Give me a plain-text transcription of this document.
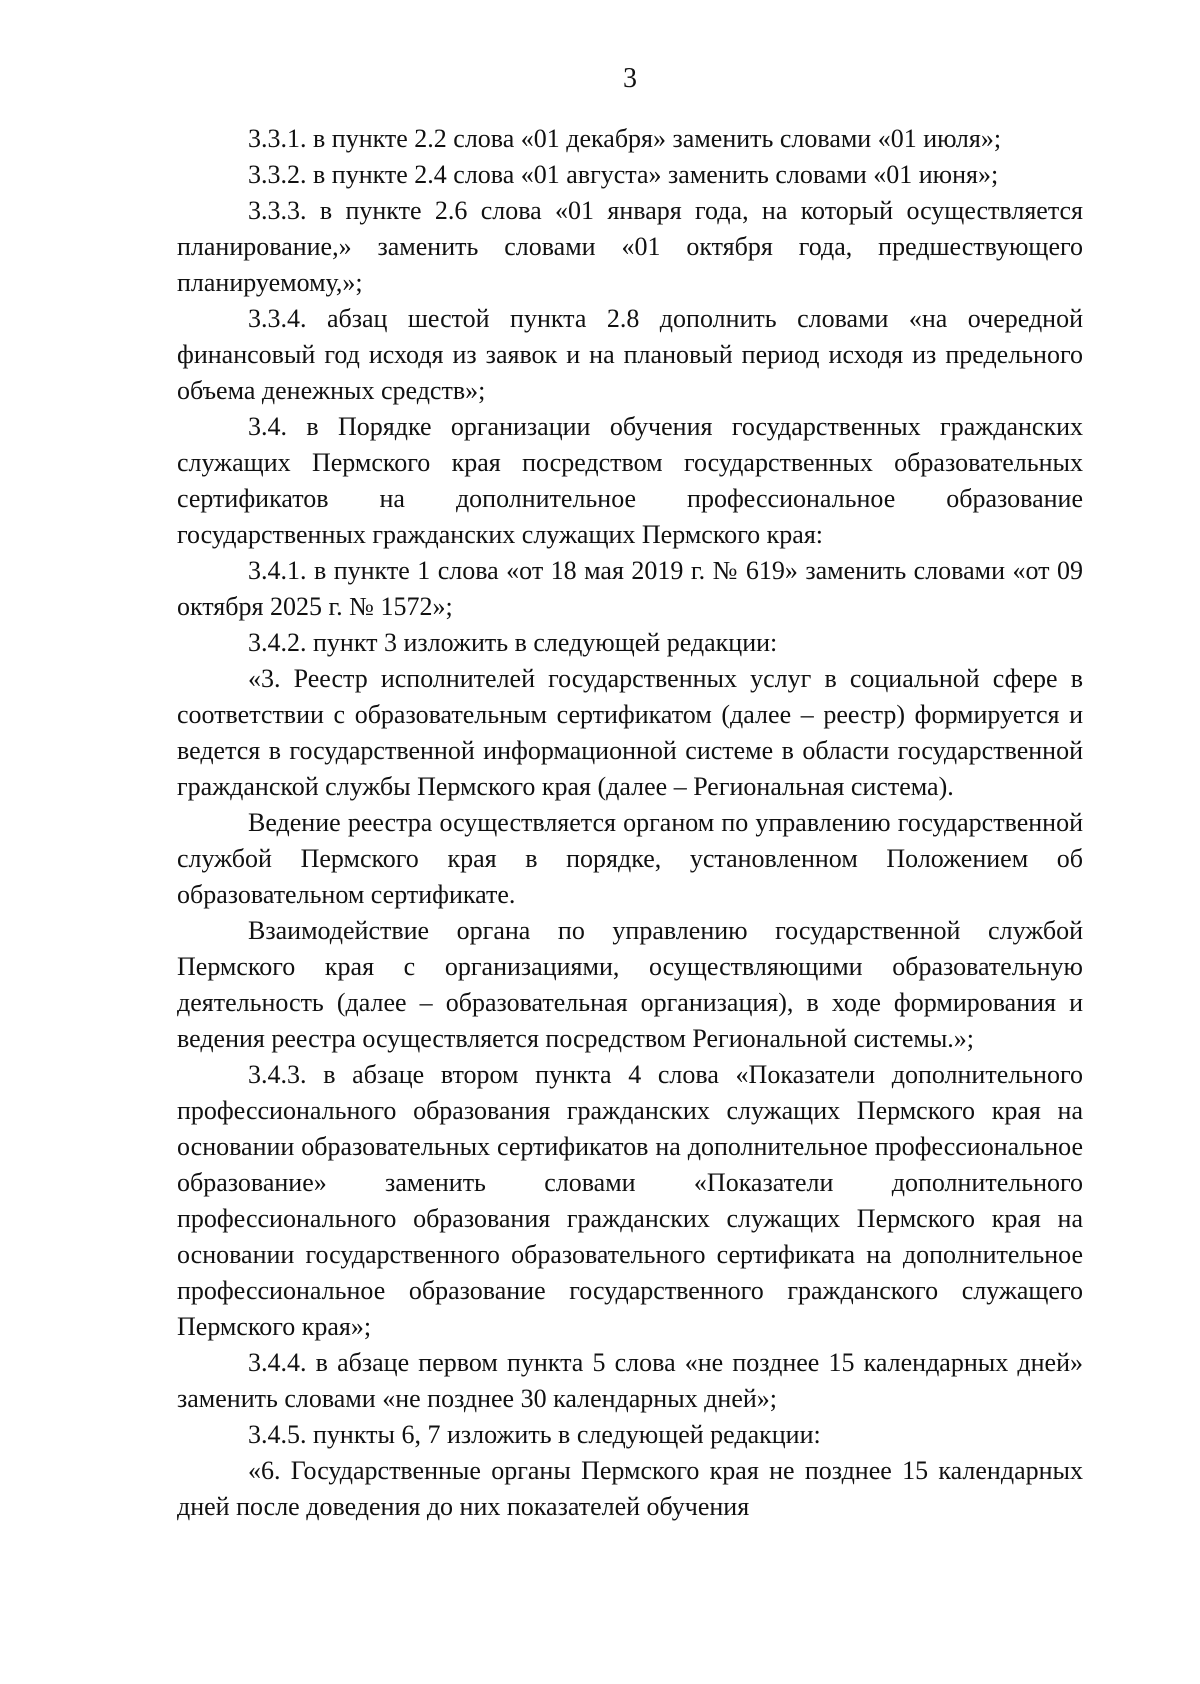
3

3.3.1. в пункте 2.2 слова «01 декабря» заменить словами «01 июля»;

3.3.2. в пункте 2.4 слова «01 августа» заменить словами «01 июня»;

3.3.3. в пункте 2.6 слова «01 января года, на который осуществляется планирование,» заменить словами «01 октября года, предшествующего планируемому,»;

3.3.4. абзац шестой пункта 2.8 дополнить словами «на очередной финансовый год исходя из заявок и на плановый период исходя из предельного объема денежных средств»;

3.4. в Порядке организации обучения государственных гражданских служащих Пермского края посредством государственных образовательных сертификатов на дополнительное профессиональное образование государственных гражданских служащих Пермского края:

3.4.1. в пункте 1 слова «от 18 мая 2019 г. № 619» заменить словами «от 09 октября 2025 г. № 1572»;

3.4.2. пункт 3 изложить в следующей редакции:

«3. Реестр исполнителей государственных услуг в социальной сфере в соответствии с образовательным сертификатом (далее – реестр) формируется и ведется в государственной информационной системе в области государственной гражданской службы Пермского края (далее – Региональная система).

Ведение реестра осуществляется органом по управлению государственной службой Пермского края в порядке, установленном Положением об образовательном сертификате.

Взаимодействие органа по управлению государственной службой Пермского края с организациями, осуществляющими образовательную деятельность (далее – образовательная организация), в ходе формирования и ведения реестра осуществляется посредством Региональной системы.»;

3.4.3. в абзаце втором пункта 4 слова «Показатели дополнительного профессионального образования гражданских служащих Пермского края на основании образовательных сертификатов на дополнительное профессиональное образование» заменить словами «Показатели дополнительного профессионального образования гражданских служащих Пермского края на основании государственного образовательного сертификата на дополнительное профессиональное образование государственного гражданского служащего Пермского края»;

3.4.4. в абзаце первом пункта 5 слова «не позднее 15 календарных дней» заменить словами «не позднее 30 календарных дней»;

3.4.5. пункты 6, 7 изложить в следующей редакции:

«6. Государственные органы Пермского края не позднее 15 календарных дней после доведения до них показателей обучения
